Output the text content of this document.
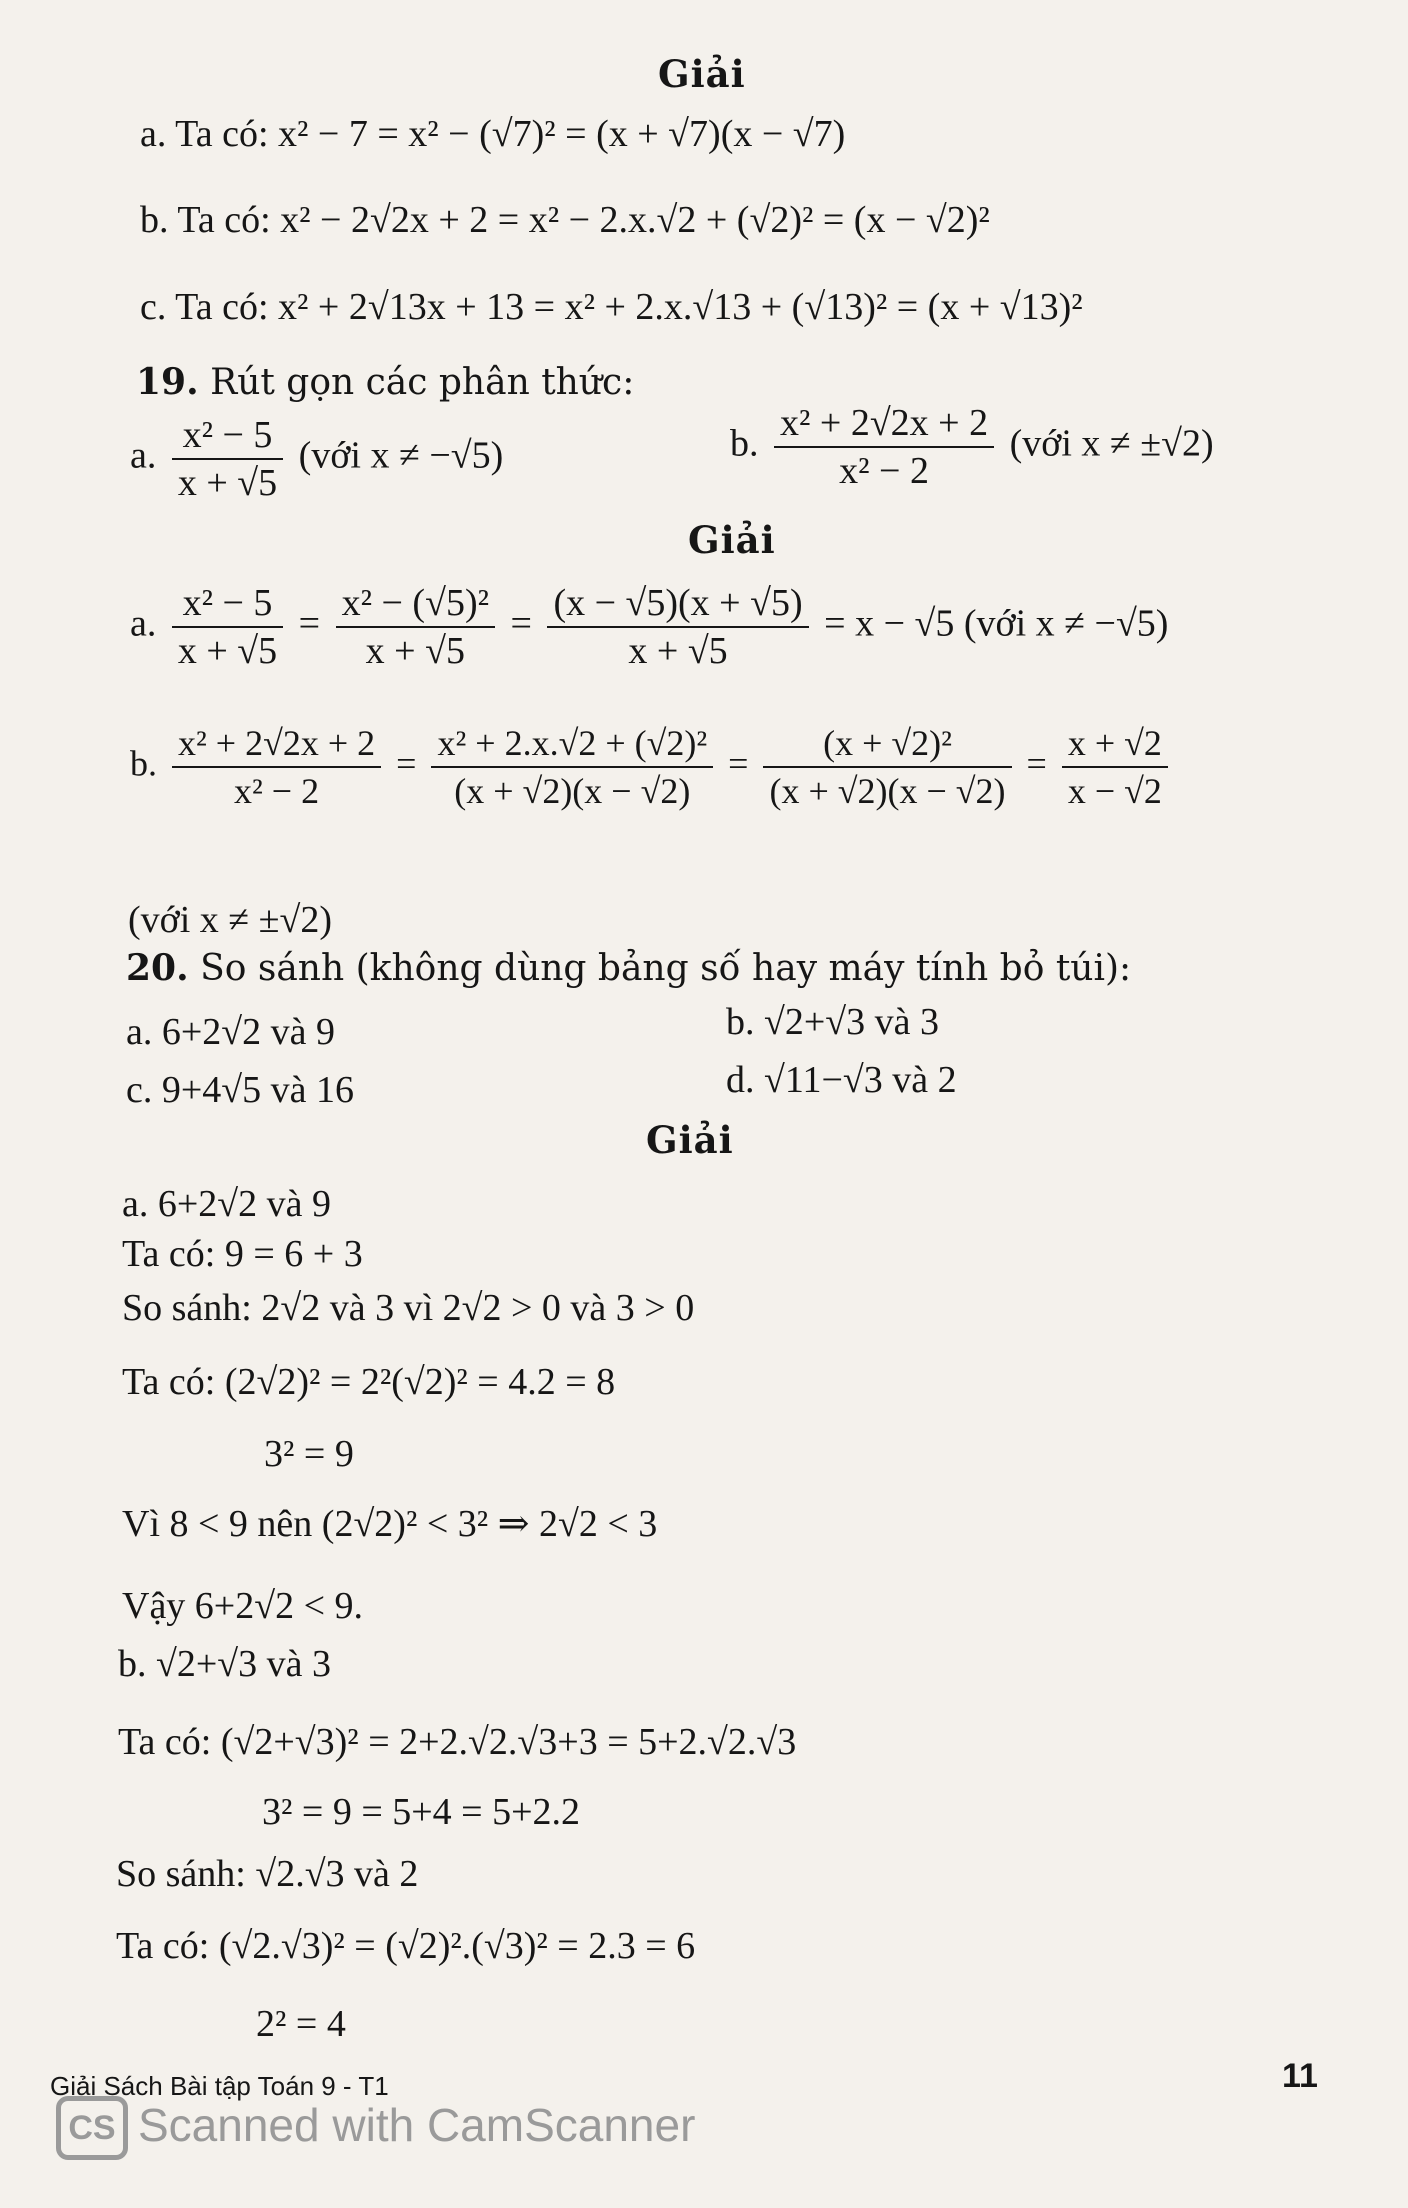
Giải
a. Ta có: x² − 7 = x² − (√7)² = (x + √7)(x − √7)
b. Ta có: x² − 2√2x + 2 = x² − 2.x.√2 + (√2)² = (x − √2)²
c. Ta có: x² + 2√13x + 13 = x² + 2.x.√13 + (√13)² = (x + √13)²
19. Rút gọn các phân thức:
a. $\frac{\text{x² − 5}}{x + √5}$ (với x ≠ −√5)	b. $\frac{\text{x² + 2√2x + 2}}{\text{x² − 2}}$ (với x ≠ ±√2)
Giải
a. $\frac{\text{x² − 5}}{x + √5} = \frac{\text{x² − (√5)²}}{x + √5} = \frac{(x - √5)(x + √5)}{x + √5} = x - √5$ (với x ≠ −√5)
b. $\frac{\text{x² + 2√2x + 2}}{\text{x² − 2}} = \frac{\text{x² + 2.x.√2 + (√2)²}}{(x + √2)(x - √2)} = \frac{\text{(x + √2)²}}{(x + √2)(x - √2)} = \frac{x + √2}{x - √2}$
(với x ≠ ±√2)
20. So sánh (không dùng bảng số hay máy tính bỏ túi):
a. 6+2√2 và 9	b. √2+√3 và 3
c. 9+4√5 và 16	d. √11−√3 và 2
Giải
a. 6+2√2 và 9
Ta có: 9 = 6 + 3
So sánh: 2√2 và 3 vì 2√2 > 0 và 3 > 0
Ta có: (2√2)² = 2²(√2)² = 4.2 = 8
3² = 9
Vì 8 < 9 nên (2√2)² < 3² ⇒ 2√2 < 3
Vậy 6+2√2 < 9.
b. √2+√3 và 3
Ta có: (√2+√3)² = 2+2.√2.√3+3 = 5+2.√2.√3
3² = 9 = 5+4 = 5+2.2
So sánh: √2.√3 và 2
Ta có: (√2.√3)² = (√2)².(√3)² = 2.3 = 6
2² = 4
Giải Sách Bài tập Toán 9 - T1	11
CS Scanned with CamScanner
